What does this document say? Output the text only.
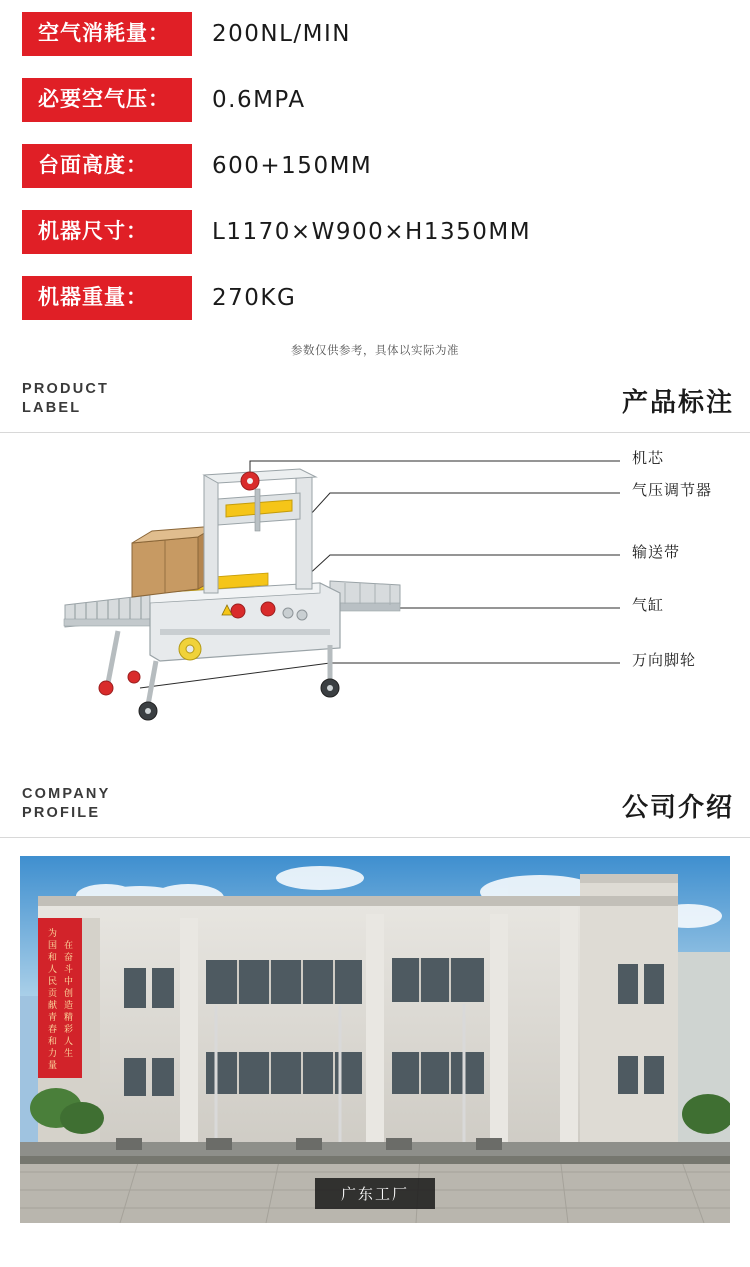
空气消耗量：	200NL/MIN
必要空气压：	0.6MPA
台面高度：	600+150MM
机器尺寸：	L1170×W900×H1350MM
机器重量：	270KG
参数仅供参考，具体以实际为准
PRODUCT
LABEL	产品标注
机芯
气压调节器
输送带
气缸
万向脚轮
COMPANY
PROFILE	公司介绍
为
国
和
人
民
贡
献
青
春
和
力
量
在
奋
斗
中
创
造
精
彩
人
生
广东工厂
